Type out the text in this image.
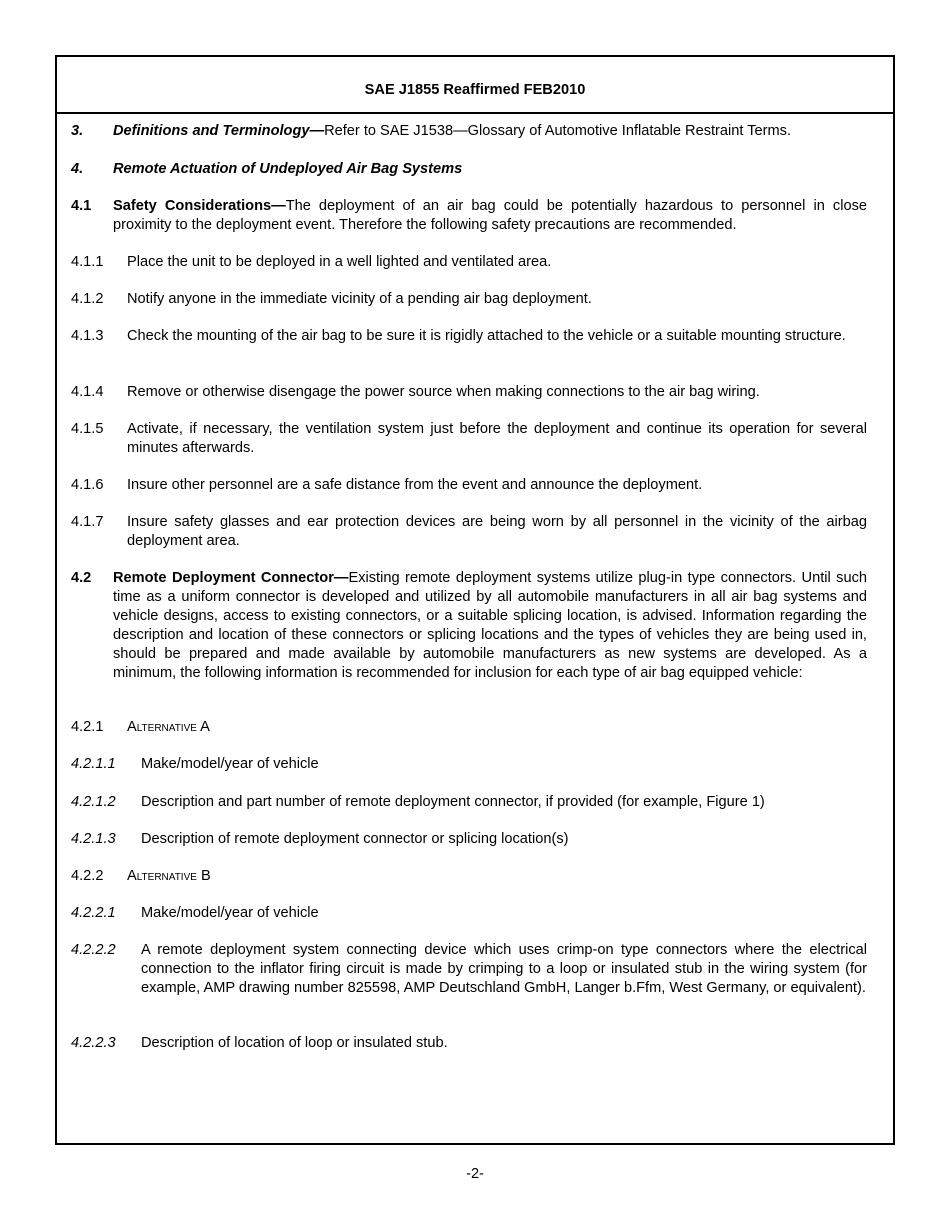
SAE J1855 Reaffirmed FEB2010
3. Definitions and Terminology—Refer to SAE J1538—Glossary of Automotive Inflatable Restraint Terms.
4. Remote Actuation of Undeployed Air Bag Systems
4.1 Safety Considerations—The deployment of an air bag could be potentially hazardous to personnel in close proximity to the deployment event. Therefore the following safety precautions are recommended.
4.1.1 Place the unit to be deployed in a well lighted and ventilated area.
4.1.2 Notify anyone in the immediate vicinity of a pending air bag deployment.
4.1.3 Check the mounting of the air bag to be sure it is rigidly attached to the vehicle or a suitable mounting structure.
4.1.4 Remove or otherwise disengage the power source when making connections to the air bag wiring.
4.1.5 Activate, if necessary, the ventilation system just before the deployment and continue its operation for several minutes afterwards.
4.1.6 Insure other personnel are a safe distance from the event and announce the deployment.
4.1.7 Insure safety glasses and ear protection devices are being worn by all personnel in the vicinity of the airbag deployment area.
4.2 Remote Deployment Connector—Existing remote deployment systems utilize plug-in type connectors. Until such time as a uniform connector is developed and utilized by all automobile manufacturers in all air bag systems and vehicle designs, access to existing connectors, or a suitable splicing location, is advised. Information regarding the description and location of these connectors or splicing locations and the types of vehicles they are being used in, should be prepared and made available by automobile manufacturers as new systems are developed. As a minimum, the following information is recommended for inclusion for each type of air bag equipped vehicle:
4.2.1 Alternative A
4.2.1.1 Make/model/year of vehicle
4.2.1.2 Description and part number of remote deployment connector, if provided (for example, Figure 1)
4.2.1.3 Description of remote deployment connector or splicing location(s)
4.2.2 Alternative B
4.2.2.1 Make/model/year of vehicle
4.2.2.2 A remote deployment system connecting device which uses crimp-on type connectors where the electrical connection to the inflator firing circuit is made by crimping to a loop or insulated stub in the wiring system (for example, AMP drawing number 825598, AMP Deutschland GmbH, Langer b.Ffm, West Germany, or equivalent).
4.2.2.3 Description of location of loop or insulated stub.
-2-
